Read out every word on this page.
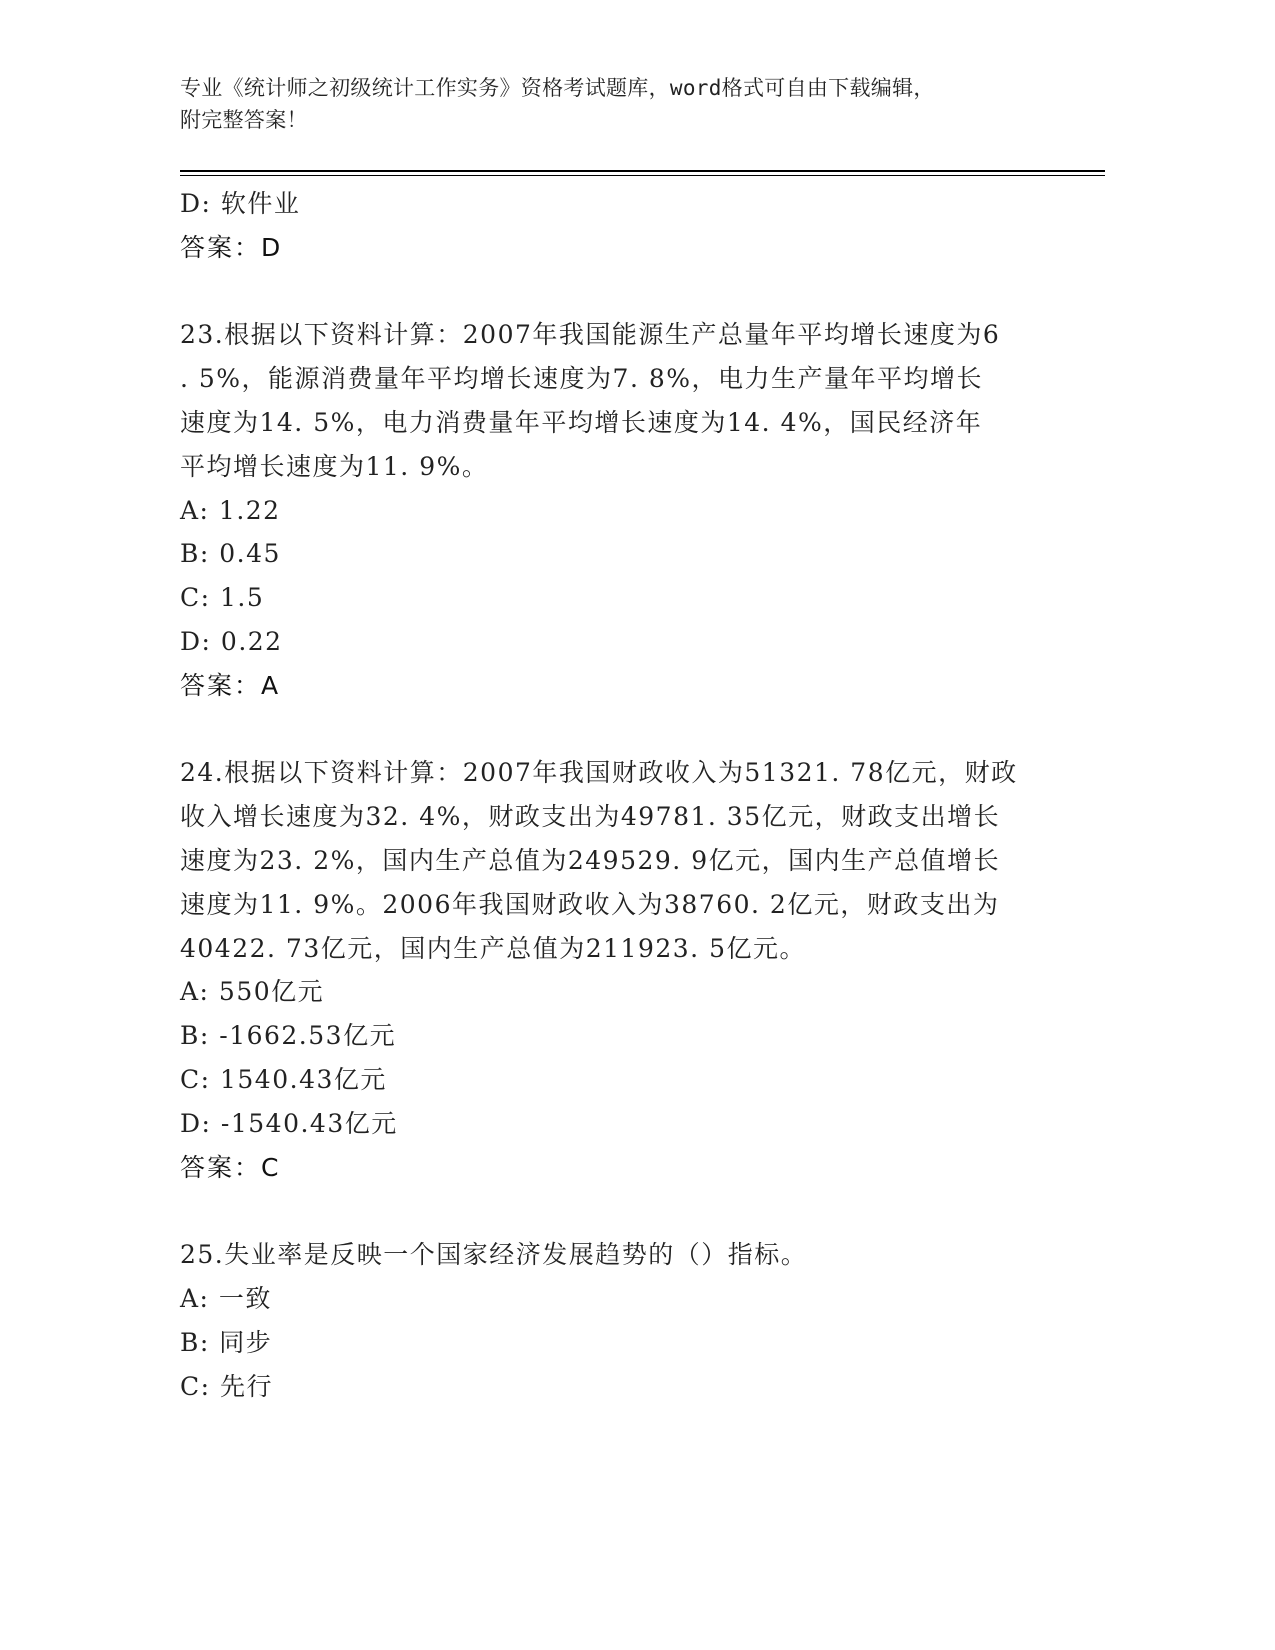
专业《统计师之初级统计工作实务》资格考试题库，word格式可自由下载编辑，
附完整答案！
D: 软件业
答案：D
23.根据以下资料计算：2007年我国能源生产总量年平均增长速度为6
. 5%，能源消费量年平均增长速度为7. 8%，电力生产量年平均增长
速度为14. 5%，电力消费量年平均增长速度为14. 4%，国民经济年
平均增长速度为11. 9%。
A: 1.22
B: 0.45
C: 1.5
D: 0.22
答案：A
24.根据以下资料计算：2007年我国财政收入为51321. 78亿元，财政
收入增长速度为32. 4%，财政支出为49781. 35亿元，财政支出增长
速度为23. 2%，国内生产总值为249529. 9亿元，国内生产总值增长
速度为11. 9%。2006年我国财政收入为38760. 2亿元，财政支出为
40422. 73亿元，国内生产总值为211923. 5亿元。
A: 550亿元
B: -1662.53亿元
C: 1540.43亿元
D: -1540.43亿元
答案：C
25.失业率是反映一个国家经济发展趋势的（）指标。
A: 一致
B: 同步
C: 先行
